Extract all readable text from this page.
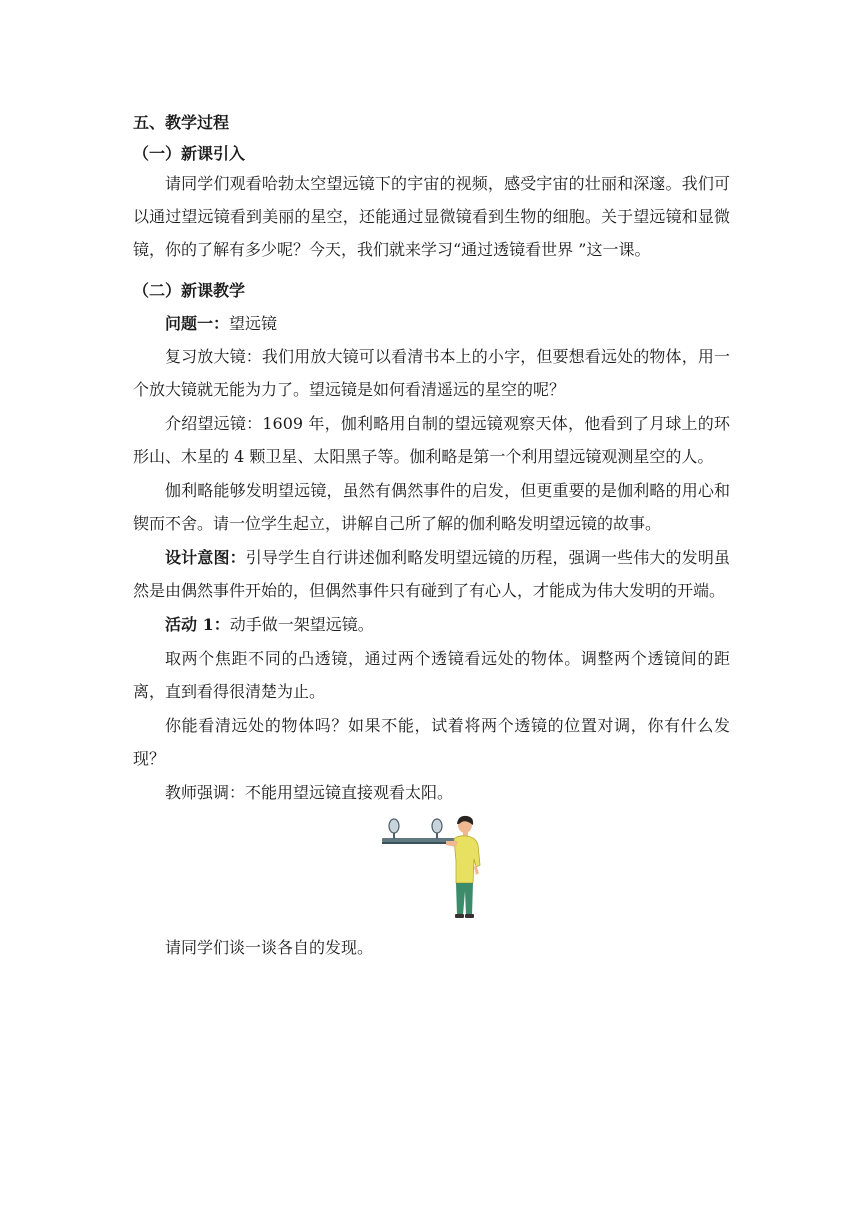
五、教学过程
（一）新课引入

请同学们观看哈勃太空望远镜下的宇宙的视频，感受宇宙的壮丽和深邃。我们可以通过望远镜看到美丽的星空，还能通过显微镜看到生物的细胞。关于望远镜和显微镜，你的了解有多少呢？今天，我们就来学习“通过透镜看世界 ”这一课。

（二）新课教学

问题一：望远镜

复习放大镜：我们用放大镜可以看清书本上的小字，但要想看远处的物体，用一个放大镜就无能为力了。望远镜是如何看清遥远的星空的呢？

介绍望远镜：1609 年，伽利略用自制的望远镜观察天体，他看到了月球上的环形山、木星的 4 颗卫星、太阳黑子等。伽利略是第一个利用望远镜观测星空的人。

伽利略能够发明望远镜，虽然有偶然事件的启发，但更重要的是伽利略的用心和锲而不舍。请一位学生起立，讲解自己所了解的伽利略发明望远镜的故事。

设计意图：引导学生自行讲述伽利略发明望远镜的历程，强调一些伟大的发明虽然是由偶然事件开始的，但偶然事件只有碰到了有心人，才能成为伟大发明的开端。

活动 1：动手做一架望远镜。

取两个焦距不同的凸透镜，通过两个透镜看远处的物体。调整两个透镜间的距离，直到看得很清楚为止。

你能看清远处的物体吗？如果不能，试着将两个透镜的位置对调，你有什么发现？

教师强调：不能用望远镜直接观看太阳。

请同学们谈一谈各自的发现。
